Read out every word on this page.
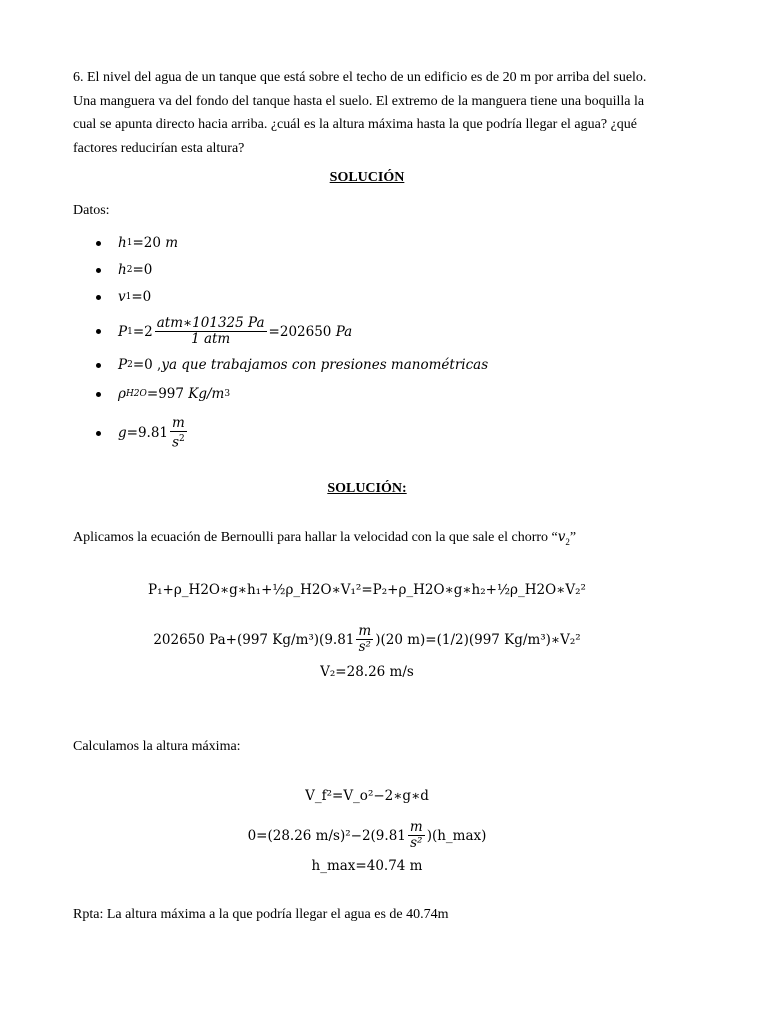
6. El nivel del agua de un tanque que está sobre el techo de un edificio es de 20 m por arriba del suelo.
Una manguera va del fondo del tanque hasta el suelo. El extremo de la manguera tiene una boquilla la
cual se apunta directo hacia arriba. ¿cuál es la altura máxima hasta la que podría llegar el agua? ¿qué
factores reducirían esta altura?

SOLUCIÓN
Datos:
h 1 =20
m
h 2 =0
v 1 =0
P $1 =2 \frac{\text{atm∗101325 Pa}}{\text{1 atm}} =202650$
Pa
P 2 =0 , ya que trabajamos con presiones manométricas
ρ H2O =997
Kg/m 3
$g =9.81 \frac{m}{s^2}$
SOLUCIÓN:
Aplicamos la ecuación de Bernoulli para hallar la velocidad con la que sale el chorro “$v_2$”
P₁+ρ_H2O∗g∗h₁+½ρ_H2O∗V₁²=P₂+ρ_H2O∗g∗h₂+½ρ_H2O∗V₂²
202650 Pa+(997 $Kg/m^3)(9.81 \frac{m}{\text{s²}} )(20$ m)=(1/2)(997 Kg/m³)∗V₂²
V₂=28.26 m/s
Calculamos la altura máxima:
V_f²=V_o²−2∗g∗d
0=(28.26 $m/s)^2-2(9.81 \frac{m}{\text{s²}}$ )(h_max)
h_max=40.74 m
Rpta: La altura máxima a la que podría llegar el agua es de 40.74m
